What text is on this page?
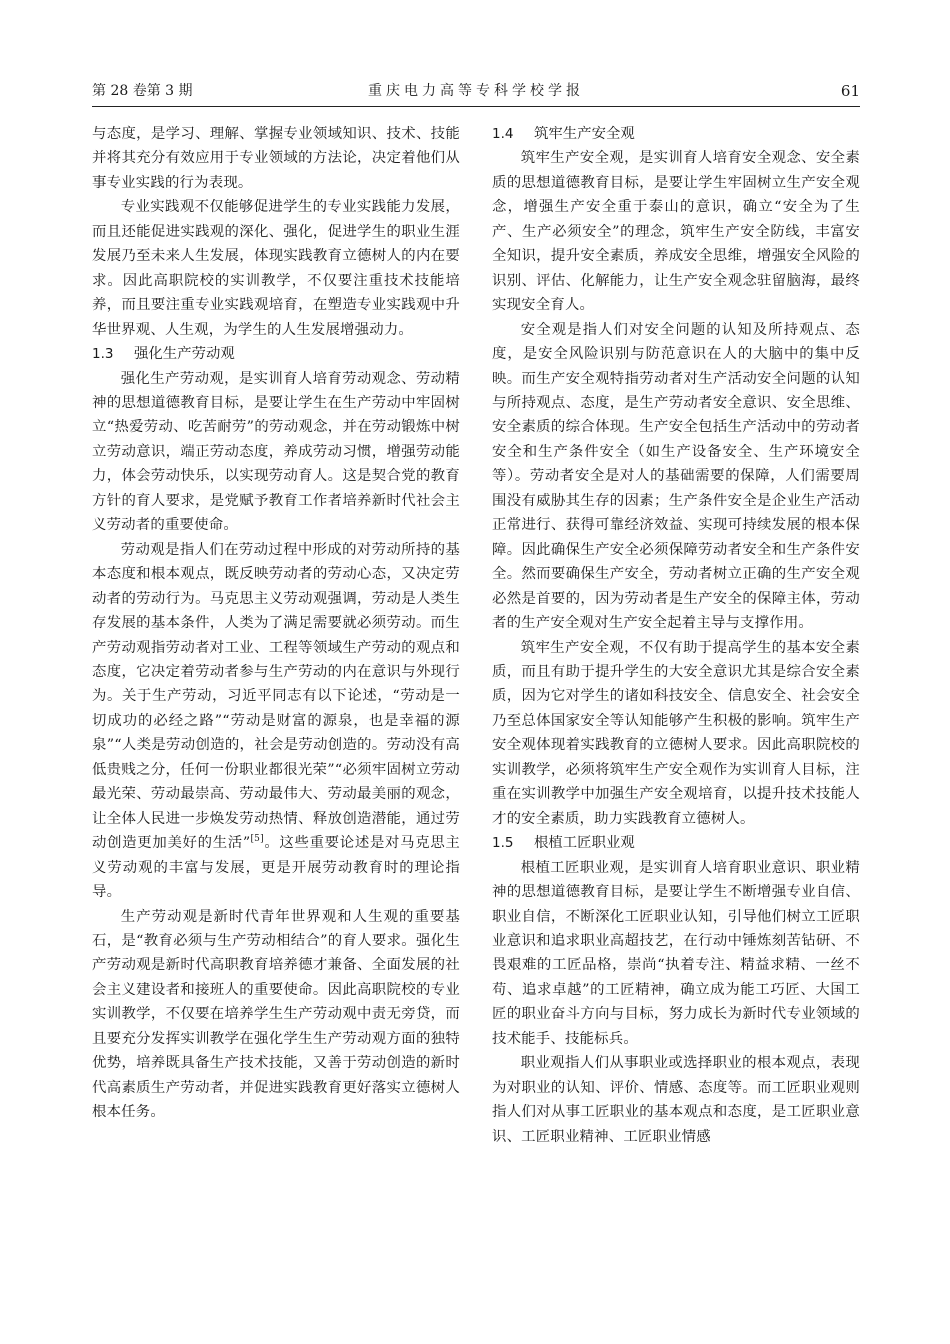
第 28 卷第 3 期	重庆电力高等专科学校学报	61

与态度，是学习、理解、掌握专业领域知识、技术、技能并将其充分有效应用于专业领域的方法论，决定着他们从事专业实践的行为表现。

专业实践观不仅能够促进学生的专业实践能力发展，而且还能促进实践观的深化、强化，促进学生的职业生涯发展乃至未来人生发展，体现实践教育立德树人的内在要求。因此高职院校的实训教学，不仅要注重技术技能培养，而且要注重专业实践观培育，在塑造专业实践观中升华世界观、人生观，为学生的人生发展增强动力。

1.3 强化生产劳动观

强化生产劳动观，是实训育人培育劳动观念、劳动精神的思想道德教育目标，是要让学生在生产劳动中牢固树立“热爱劳动、吃苦耐劳”的劳动观念，并在劳动锻炼中树立劳动意识，端正劳动态度，养成劳动习惯，增强劳动能力，体会劳动快乐，以实现劳动育人。这是契合党的教育方针的育人要求，是党赋予教育工作者培养新时代社会主义劳动者的重要使命。

劳动观是指人们在劳动过程中形成的对劳动所持的基本态度和根本观点，既反映劳动者的劳动心态，又决定劳动者的劳动行为。马克思主义劳动观强调，劳动是人类生存发展的基本条件，人类为了满足需要就必须劳动。而生产劳动观指劳动者对工业、工程等领域生产劳动的观点和态度，它决定着劳动者参与生产劳动的内在意识与外现行为。关于生产劳动，习近平同志有以下论述，“劳动是一切成功的必经之路”“劳动是财富的源泉，也是幸福的源泉”“人类是劳动创造的，社会是劳动创造的。劳动没有高低贵贱之分，任何一份职业都很光荣”“必须牢固树立劳动最光荣、劳动最崇高、劳动最伟大、劳动最美丽的观念，让全体人民进一步焕发劳动热情、释放创造潜能，通过劳动创造更加美好的生活”[5]。这些重要论述是对马克思主义劳动观的丰富与发展，更是开展劳动教育时的理论指导。

生产劳动观是新时代青年世界观和人生观的重要基石，是“教育必须与生产劳动相结合”的育人要求。强化生产劳动观是新时代高职教育培养德才兼备、全面发展的社会主义建设者和接班人的重要使命。因此高职院校的专业实训教学，不仅要在培养学生生产劳动观中责无旁贷，而且要充分发挥实训教学在强化学生生产劳动观方面的独特优势，培养既具备生产技术技能，又善于劳动创造的新时代高素质生产劳动者，并促进实践教育更好落实立德树人根本任务。

1.4 筑牢生产安全观

筑牢生产安全观，是实训育人培育安全观念、安全素质的思想道德教育目标，是要让学生牢固树立生产安全观念，增强生产安全重于泰山的意识，确立“安全为了生产、生产必须安全”的理念，筑牢生产安全防线，丰富安全知识，提升安全素质，养成安全思维，增强安全风险的识别、评估、化解能力，让生产安全观念驻留脑海，最终实现安全育人。

安全观是指人们对安全问题的认知及所持观点、态度，是安全风险识别与防范意识在人的大脑中的集中反映。而生产安全观特指劳动者对生产活动安全问题的认知与所持观点、态度，是生产劳动者安全意识、安全思维、安全素质的综合体现。生产安全包括生产活动中的劳动者安全和生产条件安全（如生产设备安全、生产环境安全等）。劳动者安全是对人的基础需要的保障，人们需要周围没有威胁其生存的因素；生产条件安全是企业生产活动正常进行、获得可靠经济效益、实现可持续发展的根本保障。因此确保生产安全必须保障劳动者安全和生产条件安全。然而要确保生产安全，劳动者树立正确的生产安全观必然是首要的，因为劳动者是生产安全的保障主体，劳动者的生产安全观对生产安全起着主导与支撑作用。

筑牢生产安全观，不仅有助于提高学生的基本安全素质，而且有助于提升学生的大安全意识尤其是综合安全素质，因为它对学生的诸如科技安全、信息安全、社会安全乃至总体国家安全等认知能够产生积极的影响。筑牢生产安全观体现着实践教育的立德树人要求。因此高职院校的实训教学，必须将筑牢生产安全观作为实训育人目标，注重在实训教学中加强生产安全观培育，以提升技术技能人才的安全素质，助力实践教育立德树人。

1.5 根植工匠职业观

根植工匠职业观，是实训育人培育职业意识、职业精神的思想道德教育目标，是要让学生不断增强专业自信、职业自信，不断深化工匠职业认知，引导他们树立工匠职业意识和追求职业高超技艺，在行动中锤炼刻苦钻研、不畏艰难的工匠品格，崇尚“执着专注、精益求精、一丝不苟、追求卓越”的工匠精神，确立成为能工巧匠、大国工匠的职业奋斗方向与目标，努力成长为新时代专业领域的技术能手、技能标兵。

职业观指人们从事职业或选择职业的根本观点，表现为对职业的认知、评价、情感、态度等。而工匠职业观则指人们对从事工匠职业的基本观点和态度，是工匠职业意识、工匠职业精神、工匠职业情感
